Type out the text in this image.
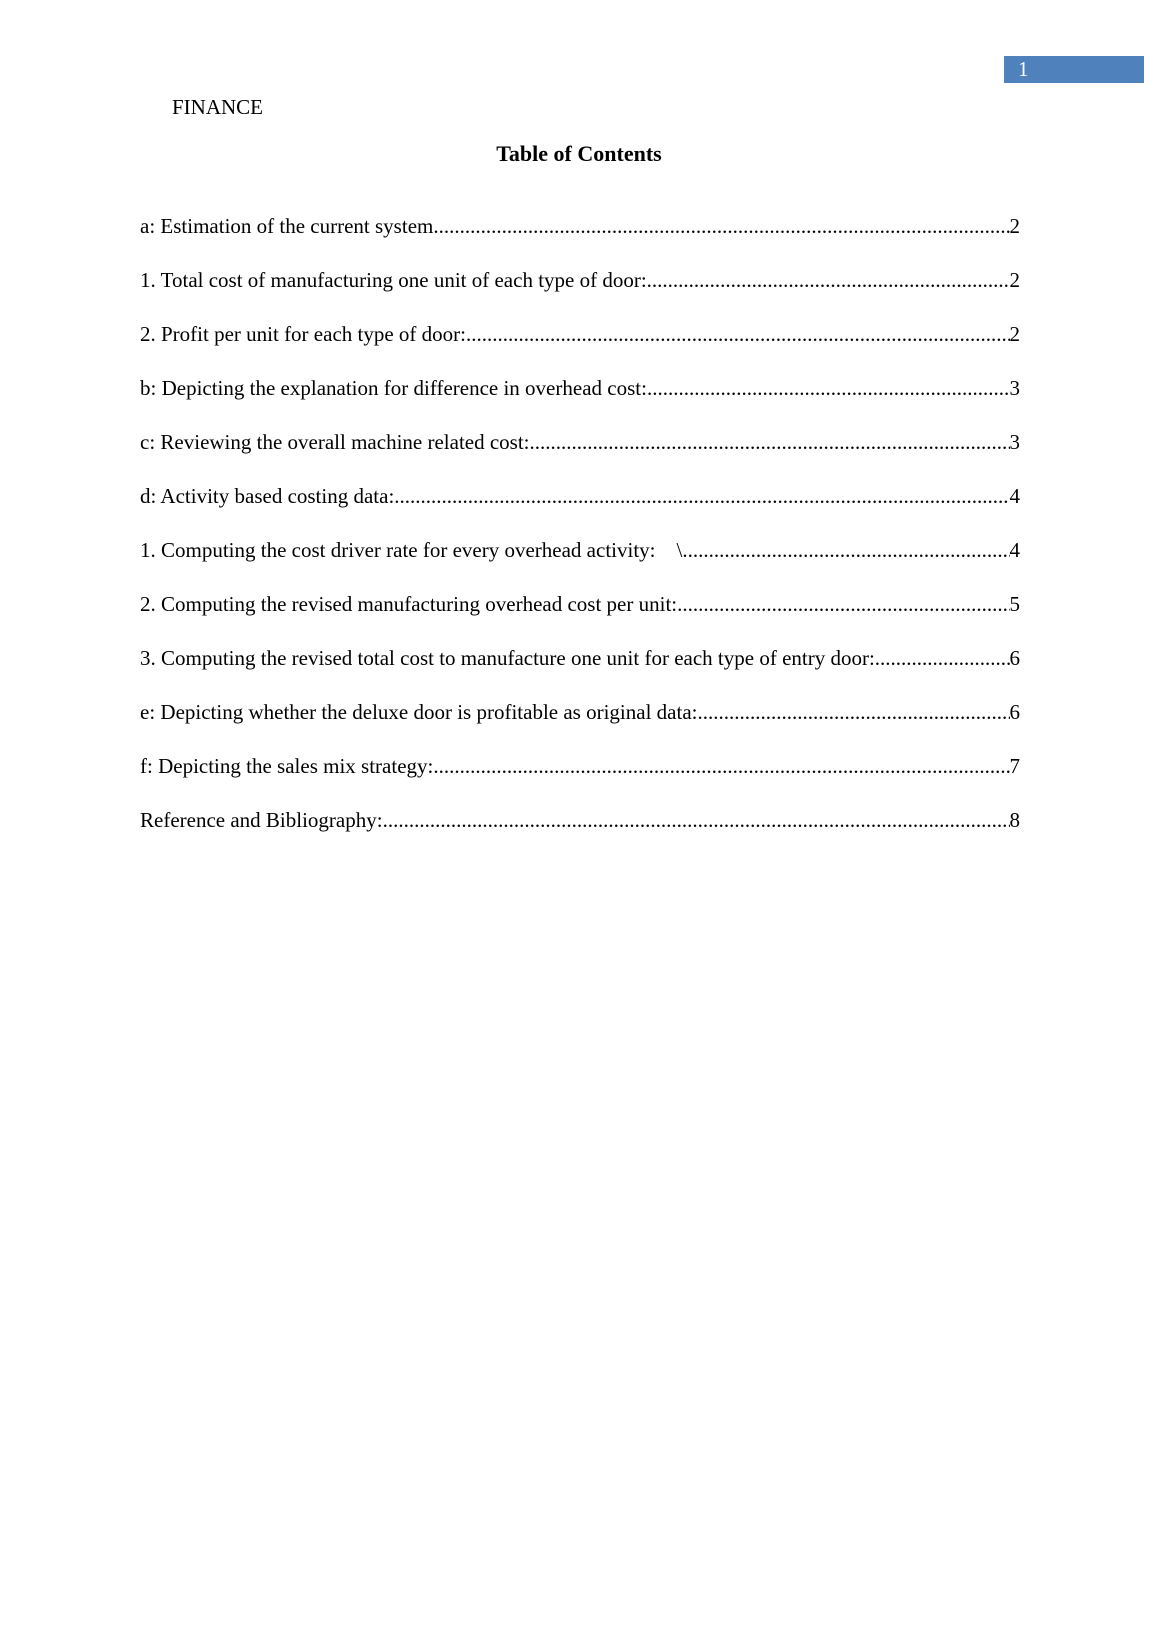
1
FINANCE
Table of Contents
a: Estimation of the current system .....	2
1. Total cost of manufacturing one unit of each type of door: .....	2
2. Profit per unit for each type of door: .....	2
b: Depicting the explanation for difference in overhead cost: .....	3
c: Reviewing the overall machine related cost: .....	3
d: Activity based costing data: .....	4
1. Computing the cost driver rate for every overhead activity:    \ .....	4
2. Computing the revised manufacturing overhead cost per unit: .....	5
3. Computing the revised total cost to manufacture one unit for each type of entry door: .....	6
e: Depicting whether the deluxe door is profitable as original data: .....	6
f: Depicting the sales mix strategy: .....	7
Reference and Bibliography: .....	8
